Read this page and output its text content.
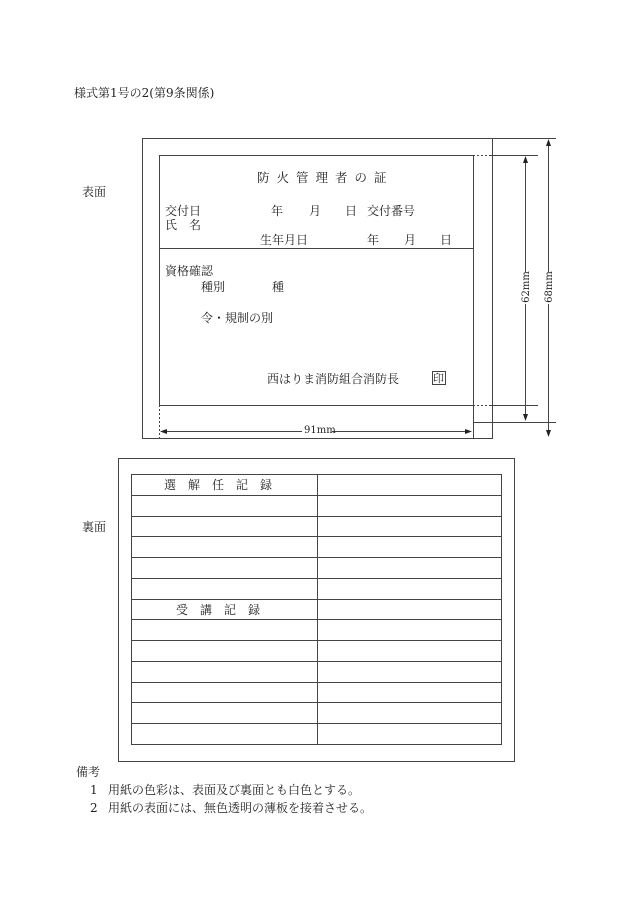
様式第1号の2(第9条関係)
表面
防火管理者の証
交付日	年 月 日 交付番号
氏　名
生年月日	年 月 日
資格確認
種別	種
令・規制の別
西はりま消防組合消防長	印
91mm
62mm 68mm
裏面
選解任記録
受講記録
備考
1 用紙の色彩は、表面及び裏面とも白色とする。
2 用紙の表面には、無色透明の薄板を接着させる。
